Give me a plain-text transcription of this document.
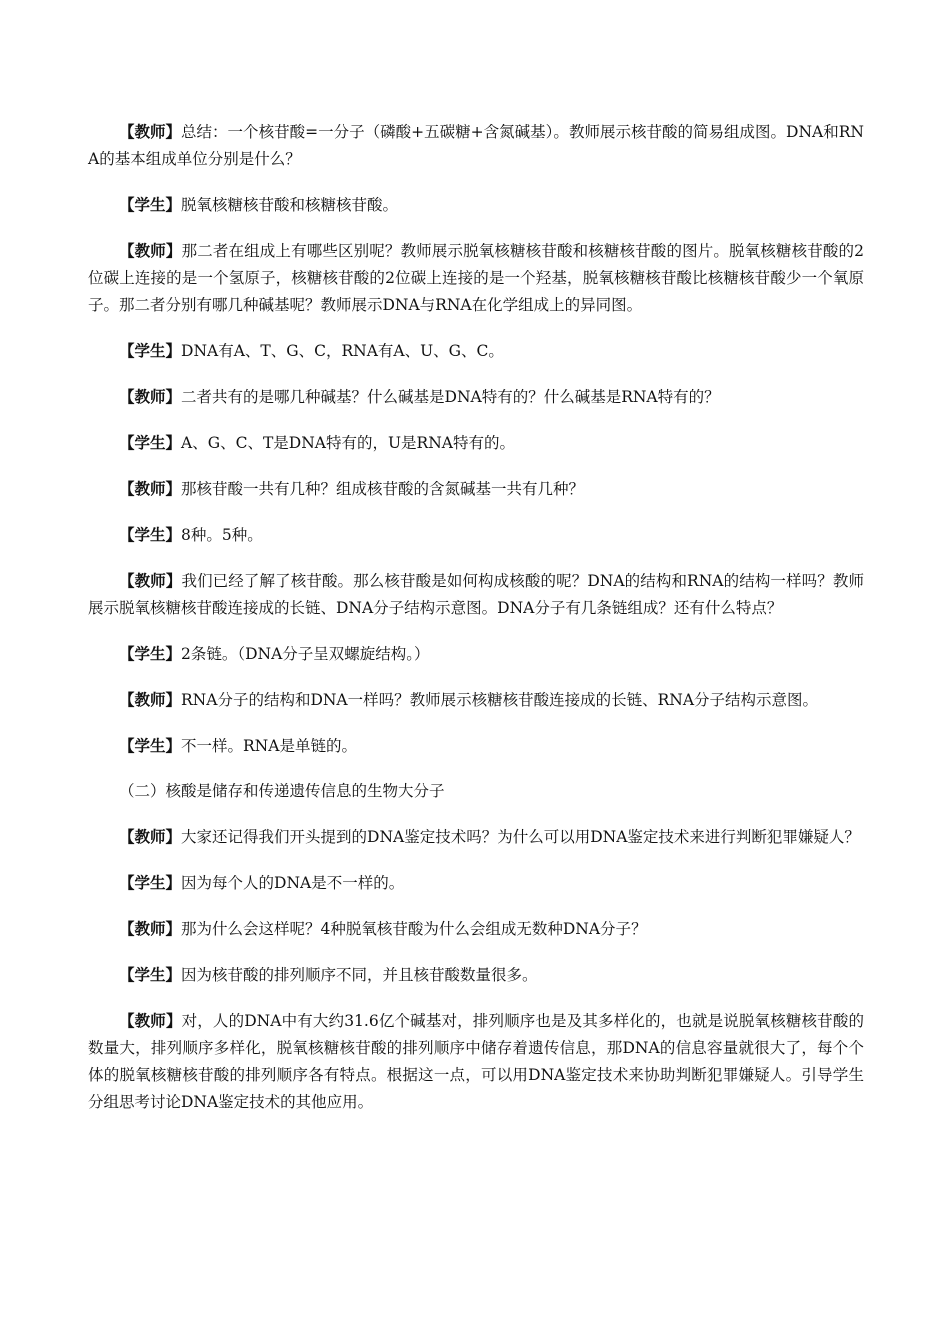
【教师】总结：一个核苷酸=一分子（磷酸+五碳糖+含氮碱基）。教师展示核苷酸的简易组成图。DNA和RNA的基本组成单位分别是什么？

【学生】脱氧核糖核苷酸和核糖核苷酸。

【教师】那二者在组成上有哪些区别呢？教师展示脱氧核糖核苷酸和核糖核苷酸的图片。脱氧核糖核苷酸的2位碳上连接的是一个氢原子，核糖核苷酸的2位碳上连接的是一个羟基，脱氧核糖核苷酸比核糖核苷酸少一个氧原子。那二者分别有哪几种碱基呢？教师展示DNA与RNA在化学组成上的异同图。

【学生】DNA有A、T、G、C，RNA有A、U、G、C。

【教师】二者共有的是哪几种碱基？什么碱基是DNA特有的？什么碱基是RNA特有的？

【学生】A、G、C、T是DNA特有的，U是RNA特有的。

【教师】那核苷酸一共有几种？组成核苷酸的含氮碱基一共有几种？

【学生】8种。5种。

【教师】我们已经了解了核苷酸。那么核苷酸是如何构成核酸的呢？DNA的结构和RNA的结构一样吗？教师展示脱氧核糖核苷酸连接成的长链、DNA分子结构示意图。DNA分子有几条链组成？还有什么特点？

【学生】2条链。（DNA分子呈双螺旋结构。）

【教师】RNA分子的结构和DNA一样吗？教师展示核糖核苷酸连接成的长链、RNA分子结构示意图。

【学生】不一样。RNA是单链的。

（二）核酸是储存和传递遗传信息的生物大分子

【教师】大家还记得我们开头提到的DNA鉴定技术吗？为什么可以用DNA鉴定技术来进行判断犯罪嫌疑人？

【学生】因为每个人的DNA是不一样的。

【教师】那为什么会这样呢？4种脱氧核苷酸为什么会组成无数种DNA分子？

【学生】因为核苷酸的排列顺序不同，并且核苷酸数量很多。

【教师】对，人的DNA中有大约31.6亿个碱基对，排列顺序也是及其多样化的，也就是说脱氧核糖核苷酸的数量大，排列顺序多样化，脱氧核糖核苷酸的排列顺序中储存着遗传信息，那DNA的信息容量就很大了，每个个体的脱氧核糖核苷酸的排列顺序各有特点。根据这一点，可以用DNA鉴定技术来协助判断犯罪嫌疑人。引导学生分组思考讨论DNA鉴定技术的其他应用。
